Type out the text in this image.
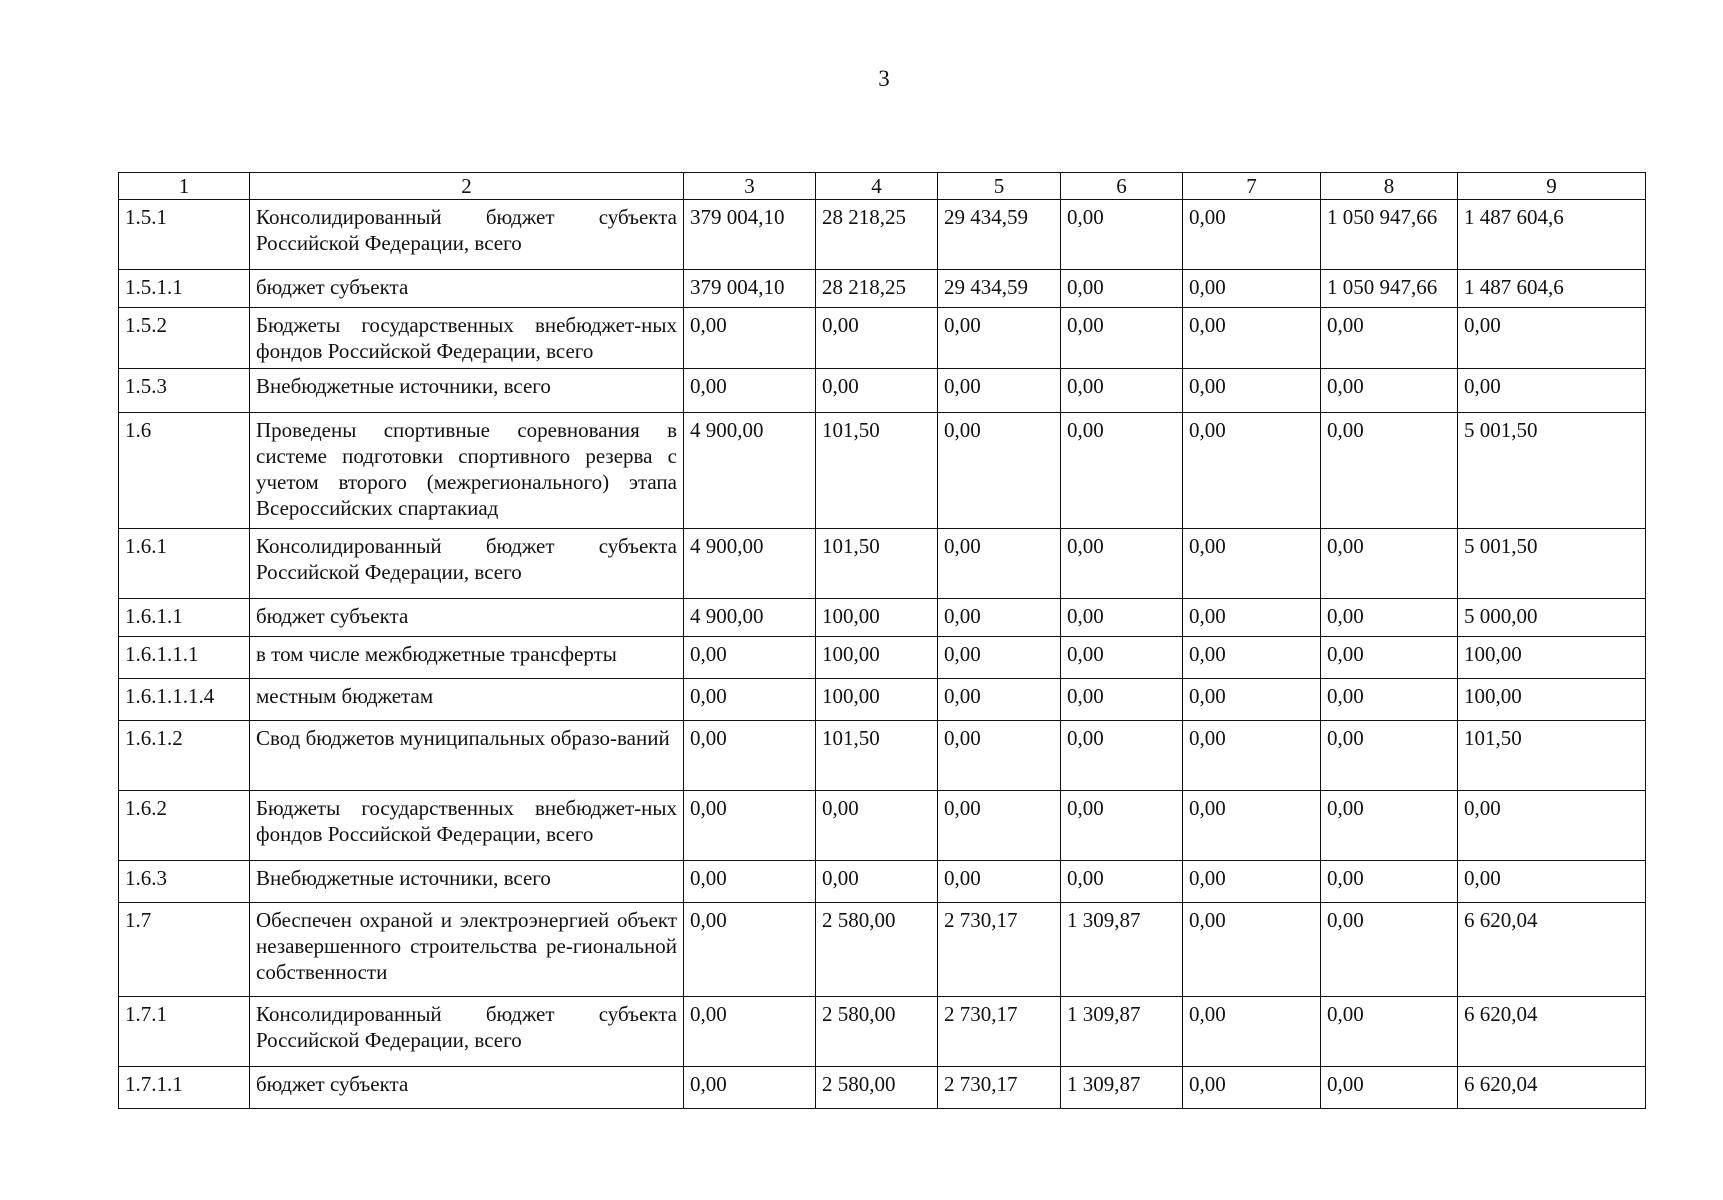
3
1	2	3	4	5	6	7	8	9
1.5.1	Консолидированный бюджет субъекта Российской Федерации, всего	379 004,10	28 218,25	29 434,59	0,00	0,00	1 050 947,66	1 487 604,6
1.5.1.1	бюджет субъекта	379 004,10	28 218,25	29 434,59	0,00	0,00	1 050 947,66	1 487 604,6
1.5.2	Бюджеты государственных внебюджет-ных фондов Российской Федерации, всего	0,00	0,00	0,00	0,00	0,00	0,00	0,00
1.5.3	Внебюджетные источники, всего	0,00	0,00	0,00	0,00	0,00	0,00	0,00
1.6	Проведены спортивные соревнования в системе подготовки спортивного резерва с учетом второго (межрегионального) этапа Всероссийских спартакиад	4 900,00	101,50	0,00	0,00	0,00	0,00	5 001,50
1.6.1	Консолидированный бюджет субъекта Российской Федерации, всего	4 900,00	101,50	0,00	0,00	0,00	0,00	5 001,50
1.6.1.1	бюджет субъекта	4 900,00	100,00	0,00	0,00	0,00	0,00	5 000,00
1.6.1.1.1	в том числе межбюджетные трансферты	0,00	100,00	0,00	0,00	0,00	0,00	100,00
1.6.1.1.1.4	местным бюджетам	0,00	100,00	0,00	0,00	0,00	0,00	100,00
1.6.1.2	Свод бюджетов муниципальных образо-ваний	0,00	101,50	0,00	0,00	0,00	0,00	101,50
1.6.2	Бюджеты государственных внебюджет-ных фондов Российской Федерации, всего	0,00	0,00	0,00	0,00	0,00	0,00	0,00
1.6.3	Внебюджетные источники, всего	0,00	0,00	0,00	0,00	0,00	0,00	0,00
1.7	Обеспечен охраной и электроэнергией объект незавершенного строительства ре-гиональной собственности	0,00	2 580,00	2 730,17	1 309,87	0,00	0,00	6 620,04
1.7.1	Консолидированный бюджет субъекта Российской Федерации, всего	0,00	2 580,00	2 730,17	1 309,87	0,00	0,00	6 620,04
1.7.1.1	бюджет субъекта	0,00	2 580,00	2 730,17	1 309,87	0,00	0,00	6 620,04
